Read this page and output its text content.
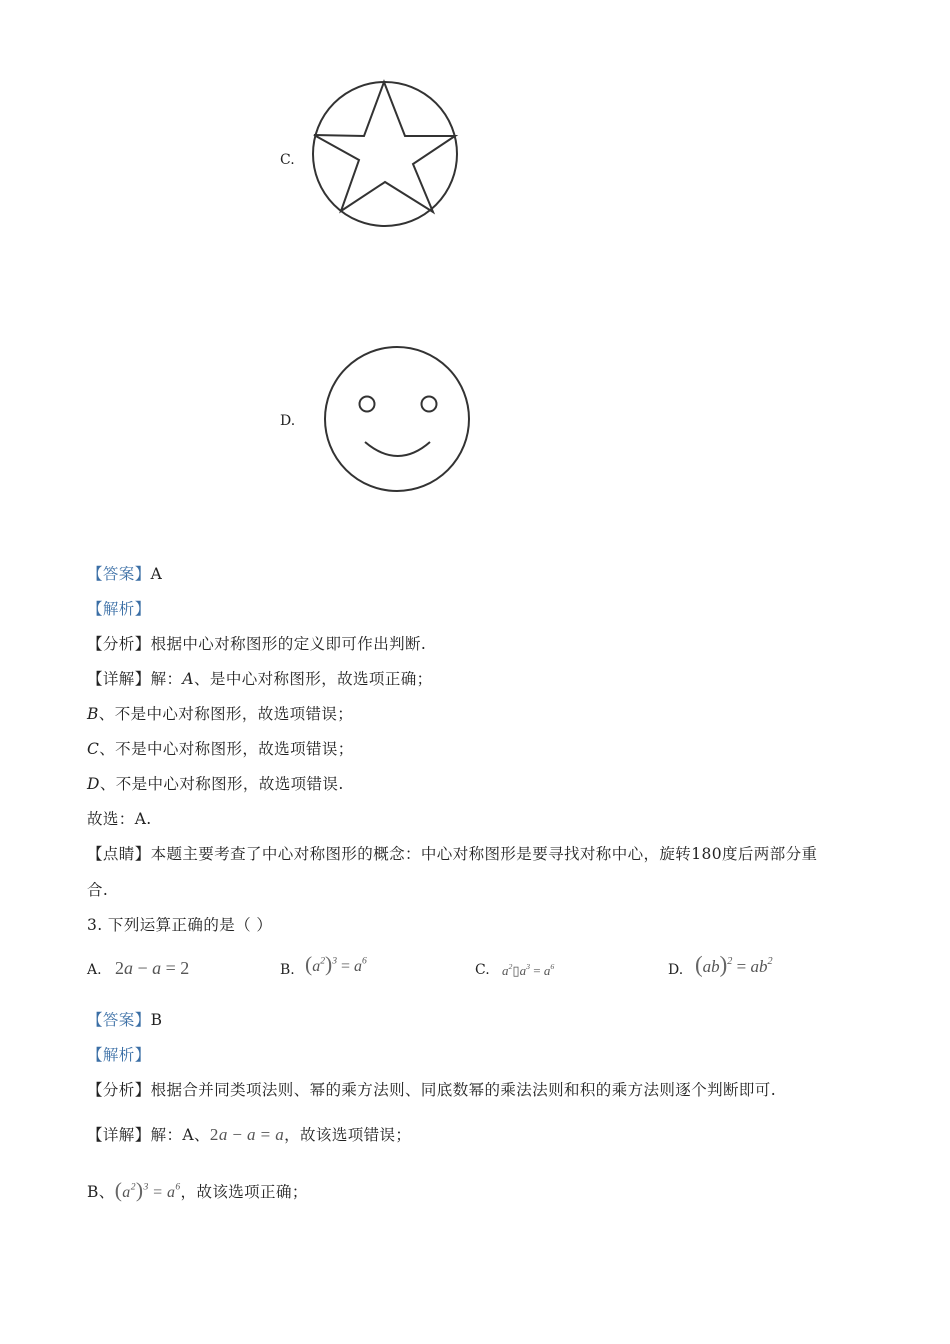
C.
D.
【答案】A
【解析】
【分析】根据中心对称图形的定义即可作出判断.
【详解】解：A、是中心对称图形，故选项正确；
B、不是中心对称图形，故选项错误；
C、不是中心对称图形，故选项错误；
D、不是中心对称图形，故选项错误.
故选：A.
【点睛】本题主要考查了中心对称图形的概念：中心对称图形是要寻找对称中心，旋转180度后两部分重
合.
3. 下列运算正确的是（ ）
A. 2a − a = 2	B. $(a^2)^3 = a^6$
C. $a^2▯a^3 = a^6$	D. $(ab)^2 = ab^2$
【答案】B
【解析】
【分析】根据合并同类项法则、幂的乘方法则、同底数幂的乘法法则和积的乘方法则逐个判断即可.
【详解】解：A、2a − a = a，故该选项错误；
B、$(a^2)^3 = a^6$，故该选项正确；
